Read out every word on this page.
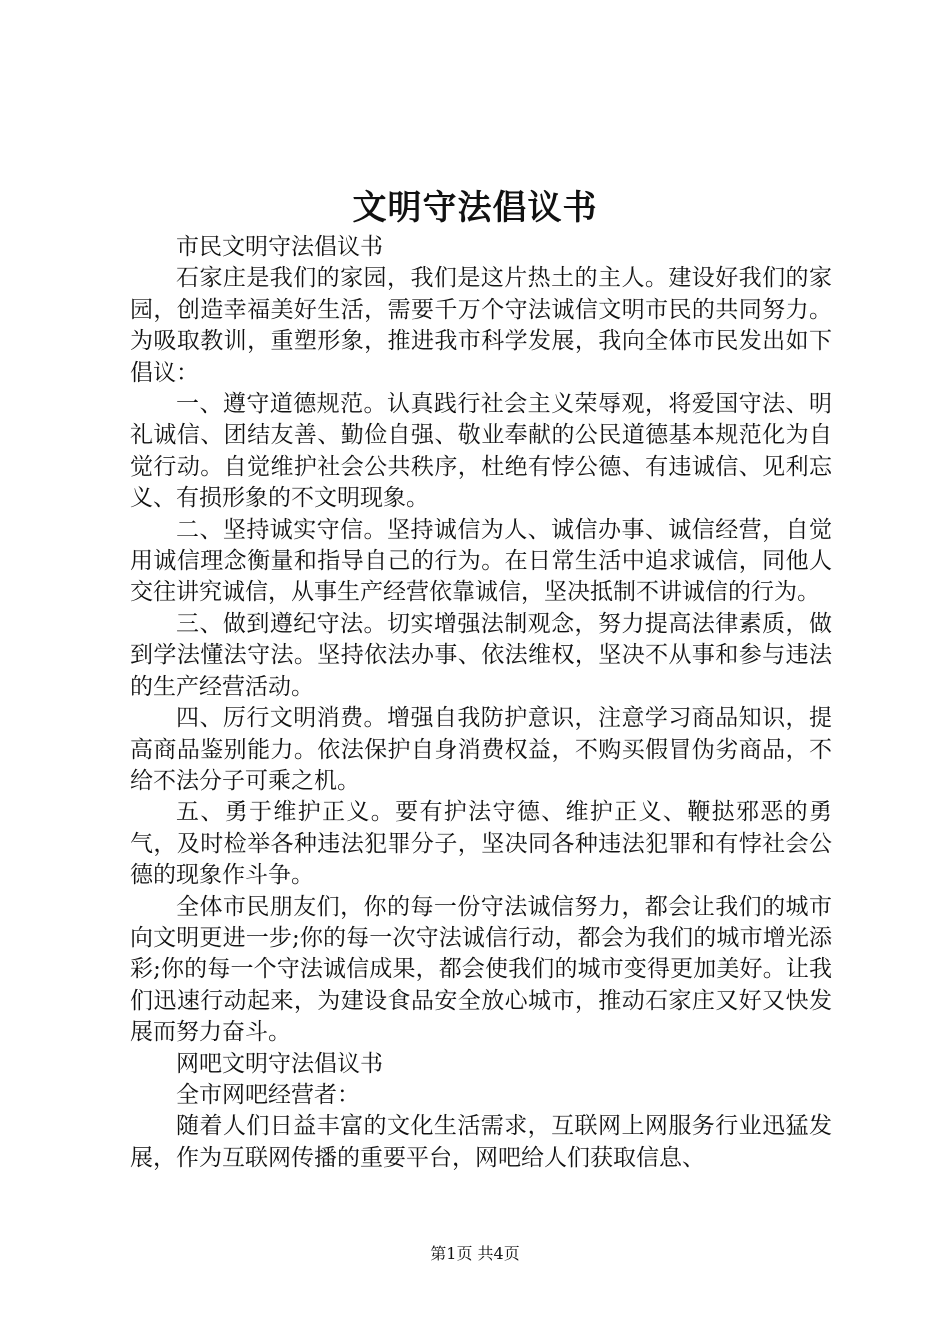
文明守法倡议书

市民文明守法倡议书

石家庄是我们的家园，我们是这片热土的主人。建设好我们的家园，创造幸福美好生活，需要千万个守法诚信文明市民的共同努力。为吸取教训，重塑形象，推进我市科学发展，我向全体市民发出如下倡议：

一、遵守道德规范。认真践行社会主义荣辱观，将爱国守法、明礼诚信、团结友善、勤俭自强、敬业奉献的公民道德基本规范化为自觉行动。自觉维护社会公共秩序，杜绝有悖公德、有违诚信、见利忘义、有损形象的不文明现象。

二、坚持诚实守信。坚持诚信为人、诚信办事、诚信经营，自觉用诚信理念衡量和指导自己的行为。在日常生活中追求诚信，同他人交往讲究诚信，从事生产经营依靠诚信，坚决抵制不讲诚信的行为。

三、做到遵纪守法。切实增强法制观念，努力提高法律素质，做到学法懂法守法。坚持依法办事、依法维权，坚决不从事和参与违法的生产经营活动。

四、厉行文明消费。增强自我防护意识，注意学习商品知识，提高商品鉴别能力。依法保护自身消费权益，不购买假冒伪劣商品，不给不法分子可乘之机。

五、勇于维护正义。要有护法守德、维护正义、鞭挞邪恶的勇气，及时检举各种违法犯罪分子，坚决同各种违法犯罪和有悖社会公德的现象作斗争。

全体市民朋友们，你的每一份守法诚信努力，都会让我们的城市向文明更进一步;你的每一次守法诚信行动，都会为我们的城市增光添彩;你的每一个守法诚信成果，都会使我们的城市变得更加美好。让我们迅速行动起来，为建设食品安全放心城市，推动石家庄又好又快发展而努力奋斗。

网吧文明守法倡议书

全市网吧经营者：

随着人们日益丰富的文化生活需求，互联网上网服务行业迅猛发展，作为互联网传播的重要平台，网吧给人们获取信息、

第1页 共4页
